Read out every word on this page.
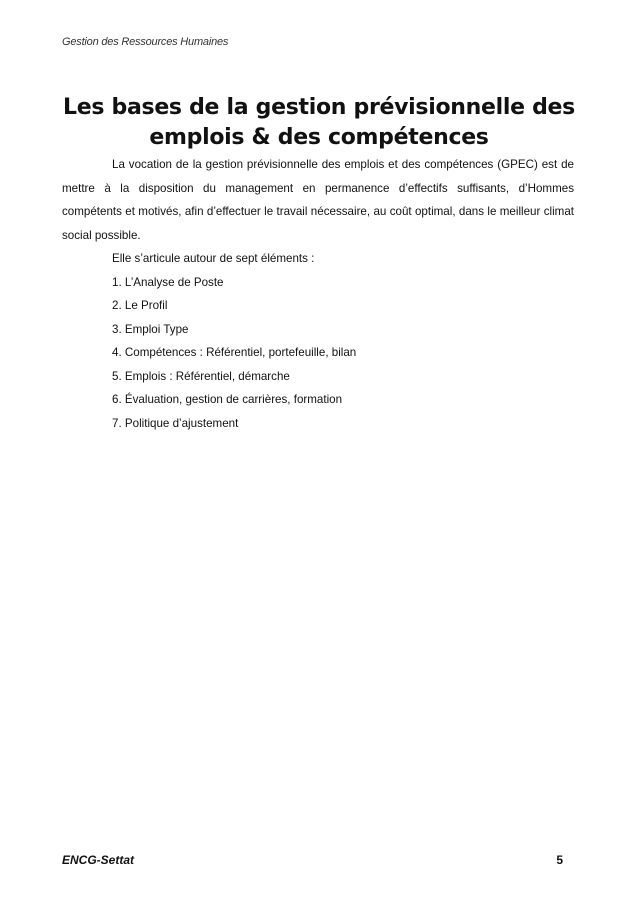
Gestion des Ressources Humaines
Les bases de la gestion prévisionnelle des emplois & des compétences

La vocation de la gestion prévisionnelle des emplois et des compétences (GPEC) est de mettre à la disposition du management en permanence d’effectifs suffisants, d’Hommes compétents et motivés, afin d’effectuer le travail nécessaire, au coût optimal, dans le meilleur climat social possible.

Elle s’articule autour de sept éléments :

1. L’Analyse de Poste
2. Le Profil
3. Emploi Type
4. Compétences : Référentiel, portefeuille, bilan
5. Emplois : Référentiel, démarche
6. Évaluation, gestion de carrières, formation
7. Politique d’ajustement
ENCG-Settat	5
